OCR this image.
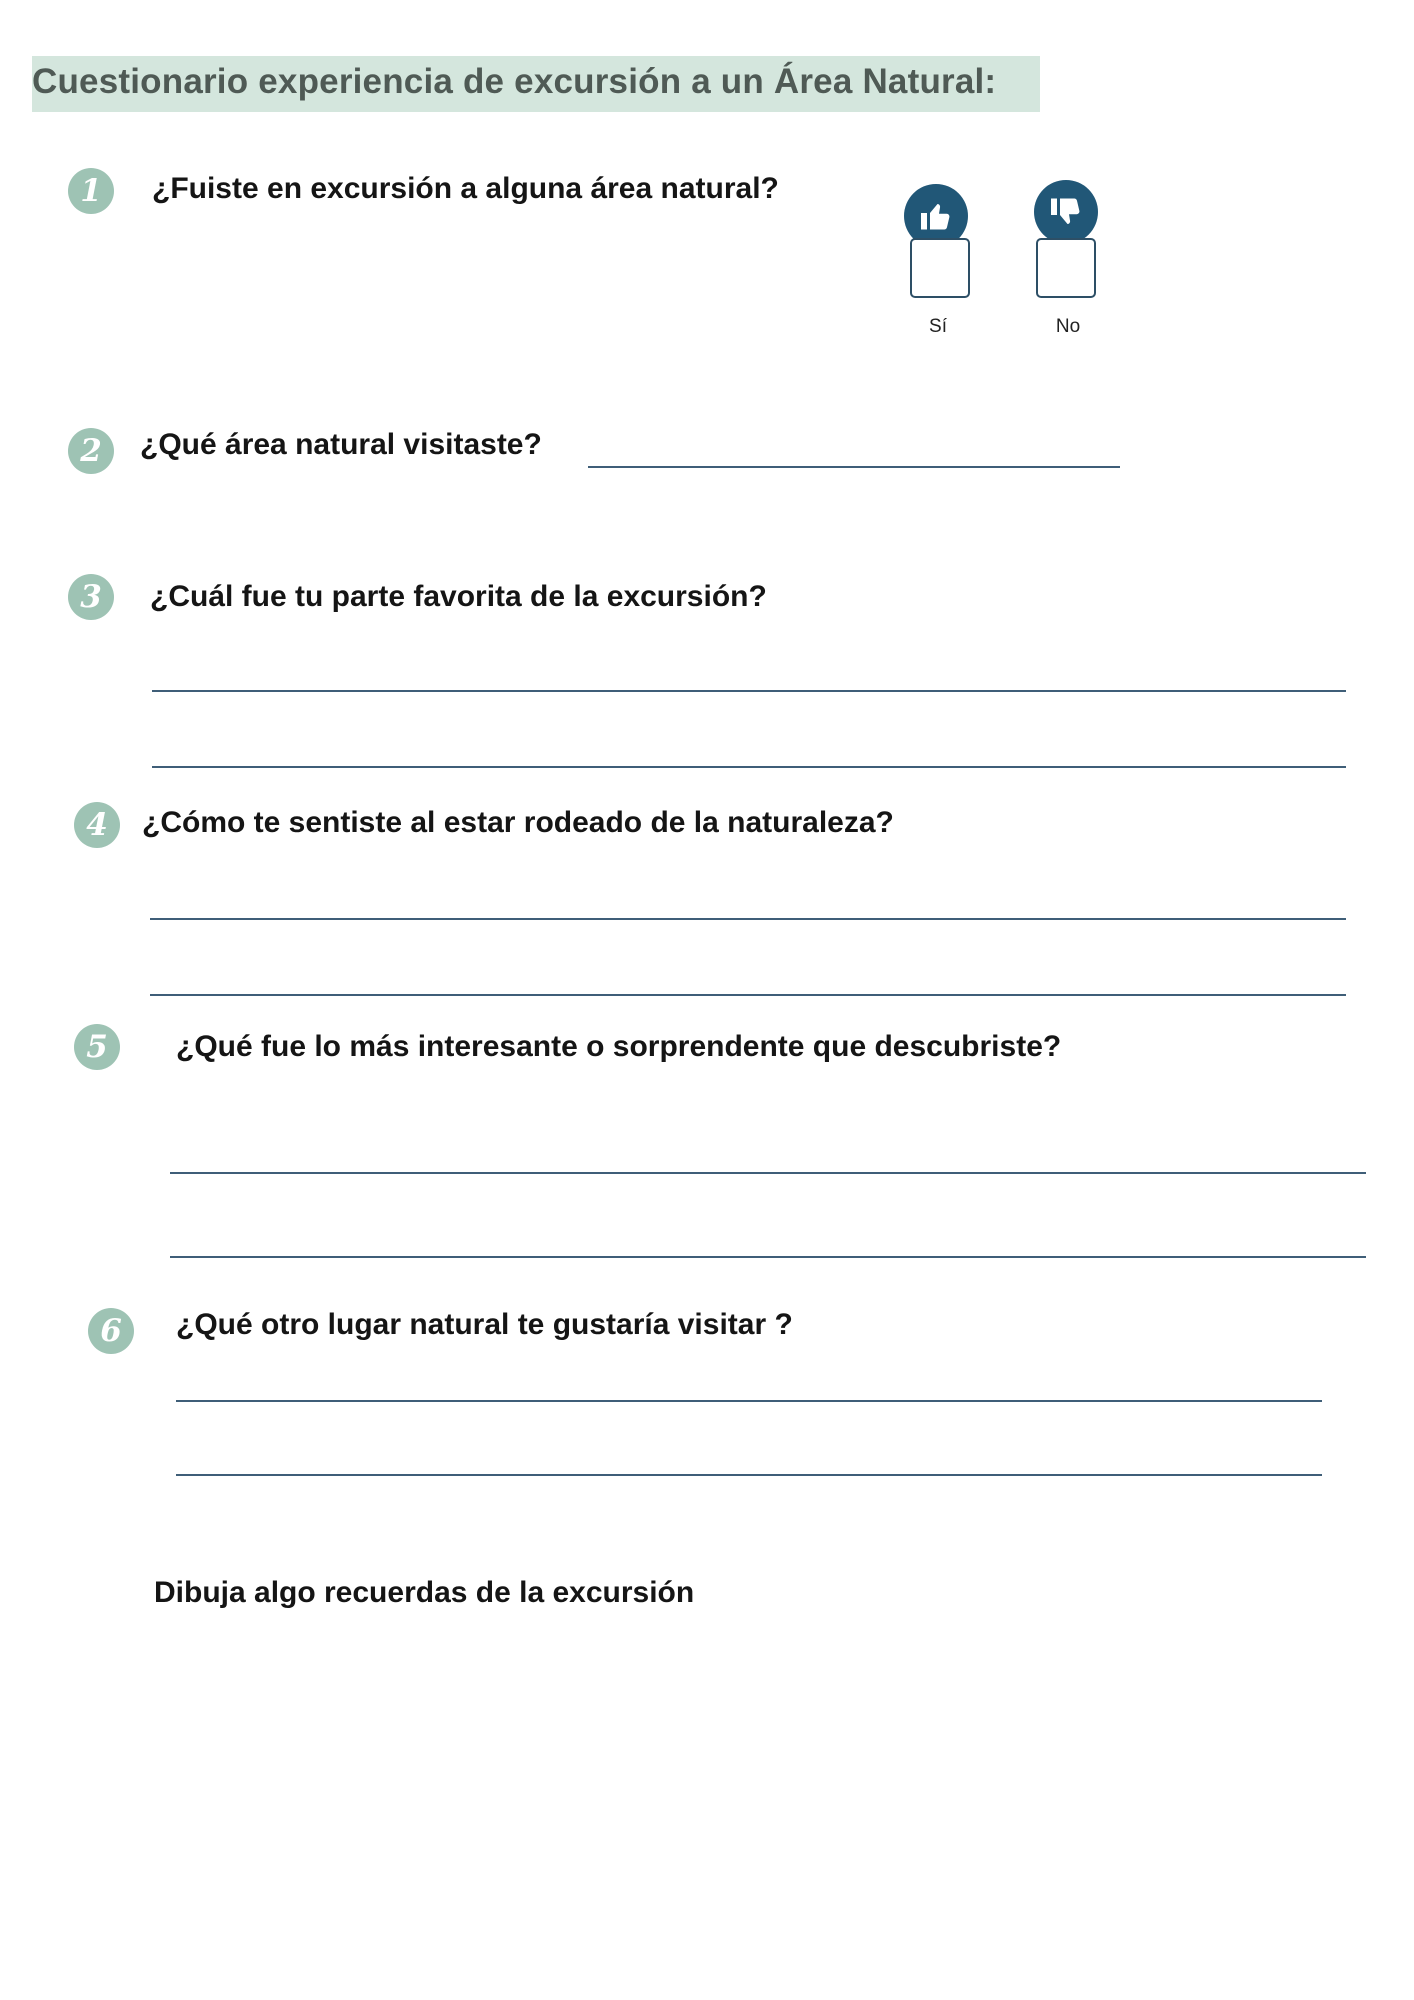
Cuestionario experiencia de excursión a un Área Natural:
1	¿Fuiste en excursión a alguna área natural?
Sí	No
2	¿Qué área natural visitaste?
3	¿Cuál fue tu parte favorita de la excursión?
4	¿Cómo te sentiste al estar rodeado de la naturaleza?
5	¿Qué fue lo más interesante o sorprendente que descubriste?
6	¿Qué otro lugar natural te gustaría visitar ?
Dibuja algo recuerdas de la excursión
